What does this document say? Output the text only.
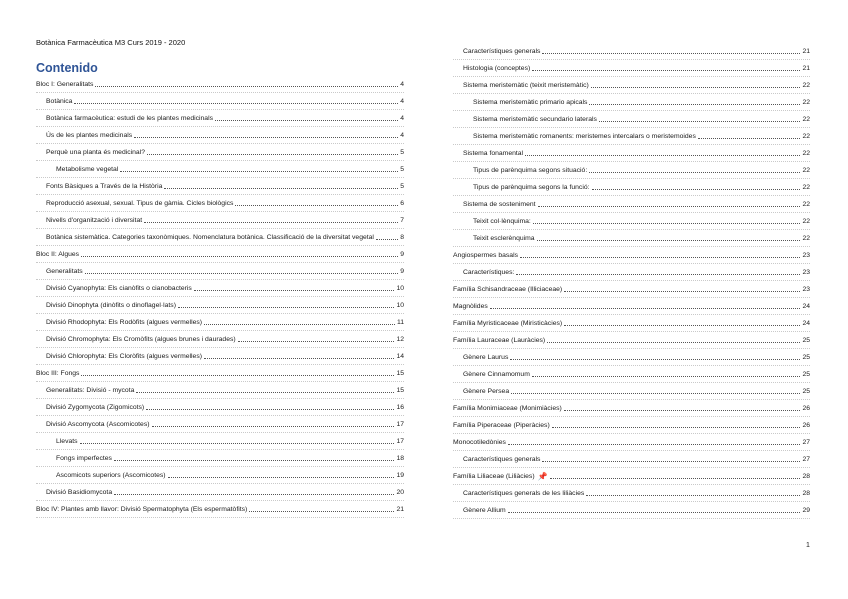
Botànica Farmacèutica M3 Curs 2019 - 2020
Contenido
Bloc I: Generalitats	4
Botànica	4
Botànica farmacèutica: estudi de les plantes medicinals	4
Ús de les plantes medicinals	4
Perquè una planta és medicinal?	5
Metabolisme vegetal	5
Fonts Bàsiques a Través de la Història	5
Reproducció asexual, sexual. Tipus de gàmia. Cicles biològics	6
Nivells d'organització i diversitat	7
Botànica sistemàtica. Categories taxonòmiques. Nomenclatura botànica. Classificació de la diversitat vegetal	8
Bloc II: Algues	9
Generalitats	9
Divisió Cyanophyta: Els cianòfits o cianobacteris	10
Divisió Dinophyta (dinòfits o dinoflagel·lats)	10
Divisió Rhodophyta: Els Rodòfits (algues vermelles)	11
Divisió Chromophyta: Els Cromòfits (algues brunes i daurades)	12
Divisió Chlorophyta: Els Cloròfits (algues vermelles)	14
Bloc III: Fongs	15
Generalitats: Divisió - mycota	15
Divisió Zygomycota (Zigomicots)	16
Divisió Ascomycota (Ascomicotes)	17
Llevats	17
Fongs imperfectes	18
Ascomicots superiors (Ascomicotes)	19
Divisió Basidiomycota	20
Bloc IV: Plantes amb llavor: Divisió Spermatophyta (Els espermatòfits)	21
Característiques generals	21
Histologia (conceptes)	21
Sistema meristemàtic (teixit meristemàtic)	22
Sistema meristemàtic primario apicals	22
Sistema meristemàtic secundario laterals	22
Sistema meristemàtic romanents: meristemes intercalars o meristemoides	22
Sistema fonamental	22
Tipus de parènquima segons situació:	22
Tipus de parènquima segons la funció:	22
Sistema de sosteniment	22
Teixit col·lènquima:	22
Teixit esclerènquima	22
Angiospermes basals	23
Característiques:	23
Família Schisandraceae (Illiciaceae)	23
Magnòlides	24
Família Myristicaceae (Miristicàcies)	24
Família Lauraceae (Lauràcies)	25
Gènere Laurus	25
Gènere Cinnamomum	25
Gènere Persea	25
Família Monimiaceae (Monimiàcies)	26
Família Piperaceae (Piperàcies)	26
Monocotiledònies	27
Característiques generals	27
Família Liliaceae (Liliàcies) 📌	28
Característiques generals de les liliàcies	28
Gènere Allium	29
1
